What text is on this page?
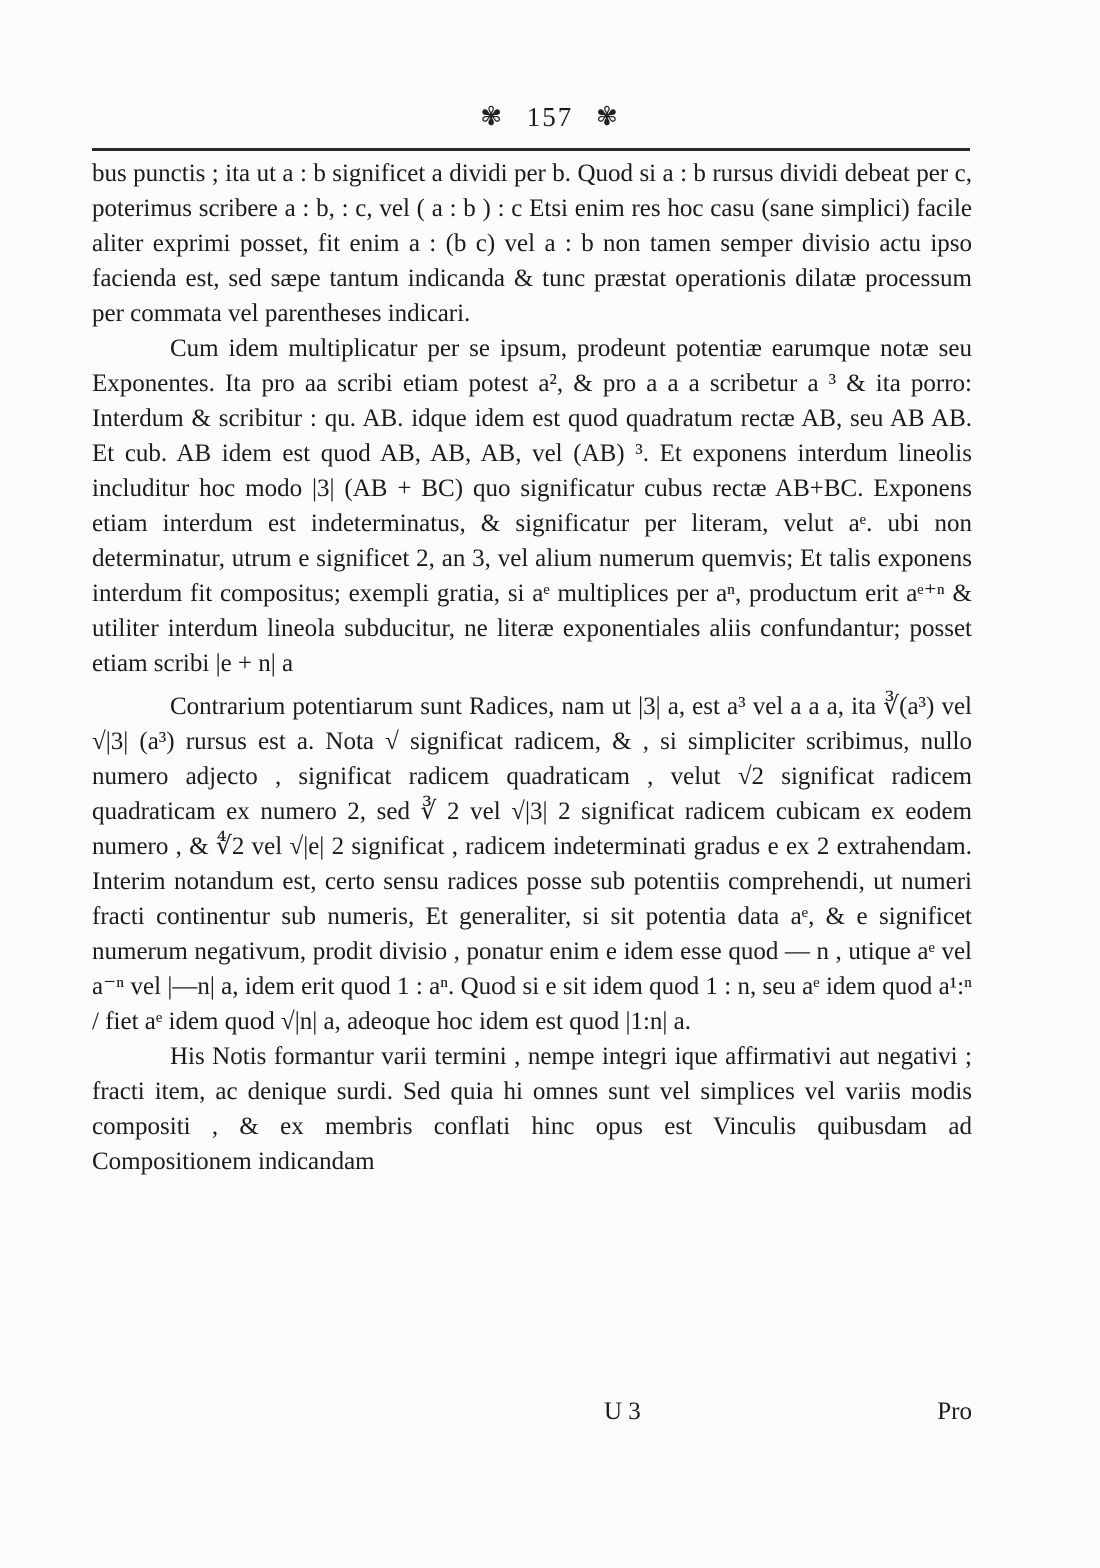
✾ 157 ✾

bus punctis ; ita ut a : b significet a dividi per b. Quod si a : b rursus dividi debeat per c, poterimus scribere a : b, : c, vel ( a : b ) : c Etsi enim res hoc casu (sane simplici) facile aliter exprimi posset, fit enim a : (b c) vel a : b non tamen semper divisio actu ipso facienda est, sed sæpe tantum indicanda & tunc præstat operationis dilatæ processum per commata vel parentheses indicari.

Cum idem multiplicatur per se ipsum, prodeunt potentiæ earumque notæ seu Exponentes. Ita pro aa scribi etiam potest a², & pro a a a scribetur a ³ & ita porro: Interdum & scribitur : qu. AB. idque idem est quod quadratum rectæ AB, seu AB AB. Et cub. AB idem est quod AB, AB, AB, vel (AB) ³. Et exponens interdum lineolis includitur hoc modo |3| (AB + BC) quo significatur cubus rectæ AB+BC. Exponens etiam interdum est indeterminatus, & significatur per literam, velut aᵉ. ubi non determinatur, utrum e significet 2, an 3, vel alium numerum quemvis; Et talis exponens interdum fit compositus; exempli gratia, si aᵉ multiplices per aⁿ, productum erit aᵉ⁺ⁿ & utiliter interdum lineola subducitur, ne literæ exponentiales aliis confundantur; posset etiam scribi |e + n| a

Contrarium potentiarum sunt Radices, nam ut |3| a, est a³ vel a a a, ita ∛(a³) vel √|3| (a³) rursus est a. Nota √ significat radicem, & , si simpliciter scribimus, nullo numero adjecto , significat radicem quadraticam , velut √2 significat radicem quadraticam ex numero 2, sed ∛ 2 vel √|3| 2 significat radicem cubicam ex eodem numero , & ∜2 vel √|e| 2 significat , radicem indeterminati gradus e ex 2 extrahendam. Interim notandum est, certo sensu radices posse sub potentiis comprehendi, ut numeri fracti continentur sub numeris, Et generaliter, si sit potentia data aᵉ, & e significet numerum negativum, prodit divisio , ponatur enim e idem esse quod — n , utique aᵉ vel a⁻ⁿ vel |—n| a, idem erit quod 1 : aⁿ. Quod si e sit idem quod 1 : n, seu aᵉ idem quod a¹:ⁿ / fiet aᵉ idem quod √|n| a, adeoque hoc idem est quod |1:n| a.

His Notis formantur varii termini , nempe integri ique affirmativi aut negativi ; fracti item, ac denique surdi. Sed quia hi omnes sunt vel simplices vel variis modis compositi , & ex membris conflati hinc opus est Vinculis quibusdam ad Compositionem indicandam

U 3	Pro
